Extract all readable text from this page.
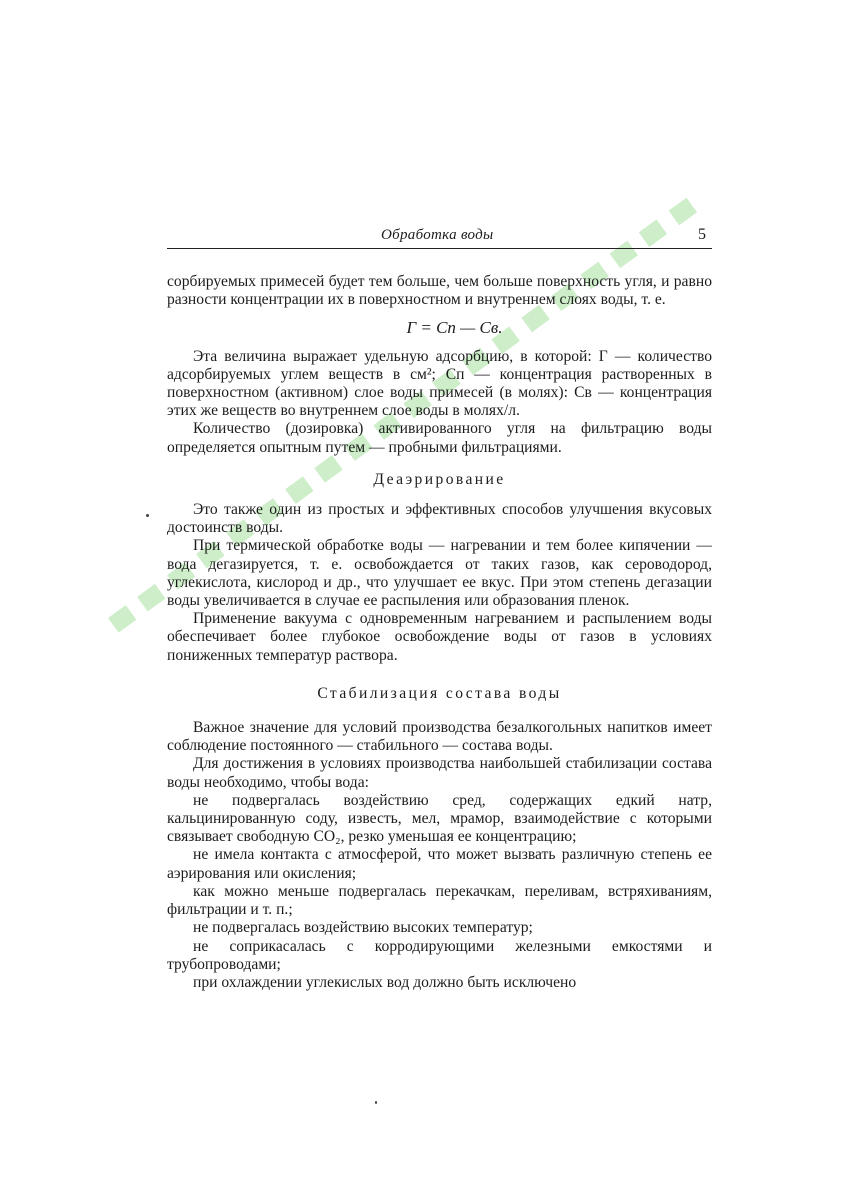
Обработка воды	5

сорбируемых примесей будет тем больше, чем больше поверхность угля, и равно разности концентрации их в поверхностном и внутреннем слоях воды, т. е.

Г = Сп — Св.

Эта величина выражает удельную адсорбцию, в которой: Г — количество адсорбируемых углем веществ в см²; Сп — концентрация растворенных в поверхностном (активном) слое воды примесей (в молях): Св — концентрация этих же веществ во внутреннем слое воды в молях/л.

Количество (дозировка) активированного угля на фильтрацию воды определяется опытным путем — пробными фильтрациями.

Деаэрирование

Это также один из простых и эффективных способов улучшения вкусовых достоинств воды.

При термической обработке воды — нагревании и тем более кипячении — вода дегазируется, т. е. освобождается от таких газов, как сероводород, углекислота, кислород и др., что улучшает ее вкус. При этом степень дегазации воды увеличивается в случае ее распыления или образования пленок.

Применение вакуума с одновременным нагреванием и распылением воды обеспечивает более глубокое освобождение воды от газов в условиях пониженных температур раствора.

Стабилизация состава воды

Важное значение для условий производства безалкогольных напитков имеет соблюдение постоянного — стабильного — состава воды.

Для достижения в условиях производства наибольшей стабилизации состава воды необходимо, чтобы вода:

не подвергалась воздействию сред, содержащих едкий натр, кальцинированную соду, известь, мел, мрамор, взаимодействие с которыми связывает свободную CO₂, резко уменьшая ее концентрацию;

не имела контакта с атмосферой, что может вызвать различную степень ее аэрирования или окисления;

как можно меньше подвергалась перекачкам, переливам, встряхиваниям, фильтрации и т. п.;

не подвергалась воздействию высоких температур;

не соприкасалась с корродирующими железными емкостями и трубопроводами;

при охлаждении углекислых вод должно быть исключено
